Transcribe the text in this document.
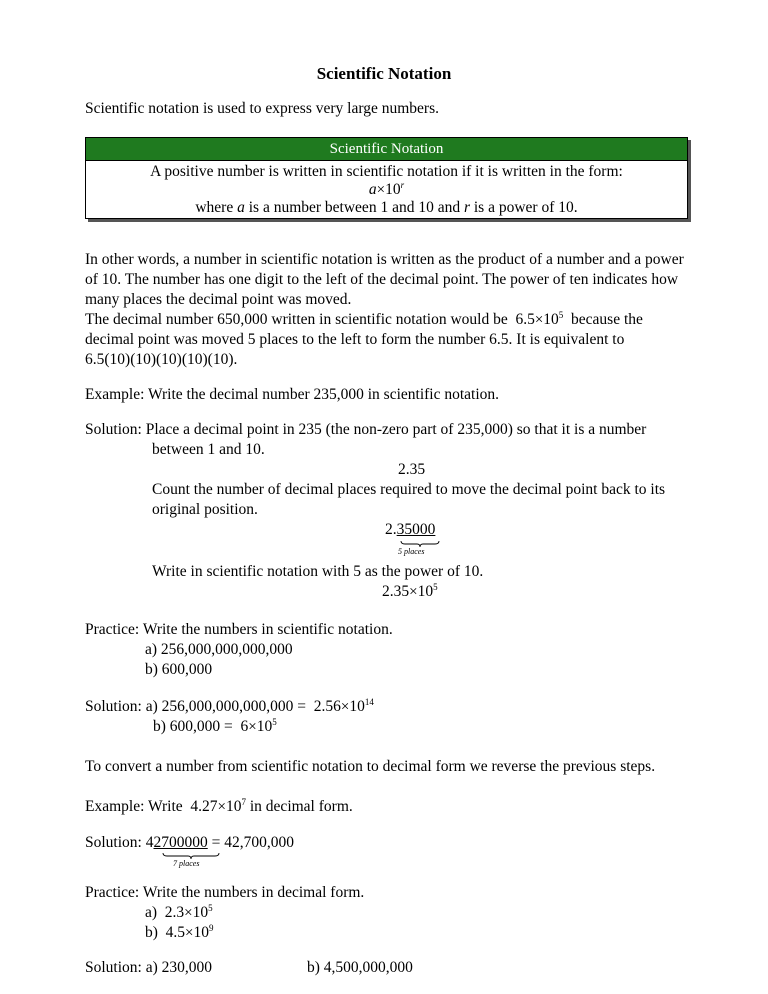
Scientific Notation
Scientific notation is used to express very large numbers.
Scientific Notation
A positive number is written in scientific notation if it is written in the form:
$a\times 10^r$
where a is a number between 1 and 10 and r is a power of 10.
In other words, a number in scientific notation is written as the product of a number and a power
of 10. The number has one digit to the left of the decimal point. The power of ten indicates how
many places the decimal point was moved.
The decimal number 650,000 written in scientific notation would be $6.5\times 10^5$ because the
decimal point was moved 5 places to the left to form the number 6.5. It is equivalent to
6.5(10)(10)(10)(10)(10).
Example: Write the decimal number 235,000 in scientific notation.
Solution: Place a decimal point in 235 (the non-zero part of 235,000) so that it is a number
between 1 and 10.
2.35
Count the number of decimal places required to move the decimal point back to its
original position.
2.35000
5 places
Write in scientific notation with 5 as the power of 10.
$2.35\times 10^5$
Practice: Write the numbers in scientific notation.
a) 256,000,000,000,000
b) 600,000
Solution: a) $256,000,000,000,000 = 2.56\times 10^{14}$
b) $600,000 = 6\times 10^5$
To convert a number from scientific notation to decimal form we reverse the previous steps.
Example: Write $4.27\times 10^7$ in decimal form.
Solution: 42700000 = 42,700,000
7 places
Practice: Write the numbers in decimal form.
a) $2.3\times 10^5$
b) $4.5\times 10^9$
Solution: a) 230,000	b) 4,500,000,000
